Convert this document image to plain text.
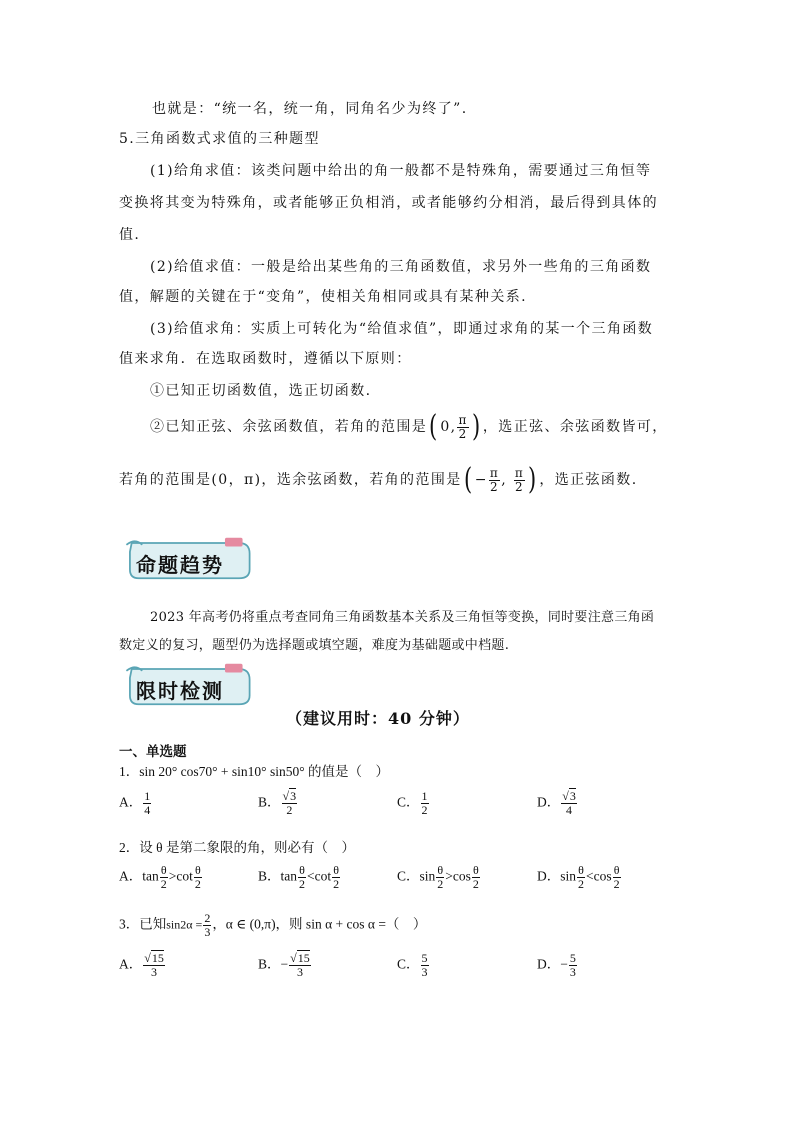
也就是：“统一名，统一角，同角名少为终了”.
5.三角函数式求值的三种题型
(1)给角求值：该类问题中给出的角一般都不是特殊角，需要通过三角恒等
变换将其变为特殊角，或者能够正负相消，或者能够约分相消，最后得到具体的
值.
(2)给值求值：一般是给出某些角的三角函数值，求另外一些角的三角函数
值，解题的关键在于“变角”，使相关角相同或具有某种关系.
(3)给值求角：实质上可转化为“给值求值”，即通过求角的某一个三角函数
值来求角．在选取函数时，遵循以下原则：
①已知正切函数值，选正切函数.
②已知正弦、余弦函数值，若角的范围是( 0, $\frac{\pi}{2}$ ) ，选正弦、余弦函数皆可，
若角的范围是(0，π)，选余弦函数，若角的范围是( − $\frac{\pi}{2}$ , $\frac{\pi}{2}$ ) ，选正弦函数.
命题趋势
2023 年高考仍将重点考查同角三角函数基本关系及三角恒等变换，同时要注意三角函
数定义的复习，题型仍为选择题或填空题，难度为基础题或中档题.
限时检测
（建议用时：40 分钟）
一、单选题
1．sin 20° cos70° + sin10° sin50° 的值是（　）
A． $\frac{1}{4}$	B． $\frac{√3}{2}$	C． $\frac{1}{2}$	D． $\frac{√3}{4}$
2．设 θ 是第二象限的角，则必有（　）
A．$\tan \frac{\theta}{2} >\cot \frac{\theta}{2}$	B．$\tan \frac{\theta}{2} <\cot \frac{\theta}{2}$	C．$\sin \frac{\theta}{2} >\cos \frac{\theta}{2}$	D．$\sin \frac{\theta}{2} <\cos \frac{\theta}{2}$
3．已知$\sin 2\alpha = \frac{2}{3}$ ，α ∈ (0,π)，则 sin α + cos α =（　）
A． $\frac{√15}{3}$	B．− $\frac{√15}{3}$	C． $\frac{5}{3}$	D．− $\frac{5}{3}$
